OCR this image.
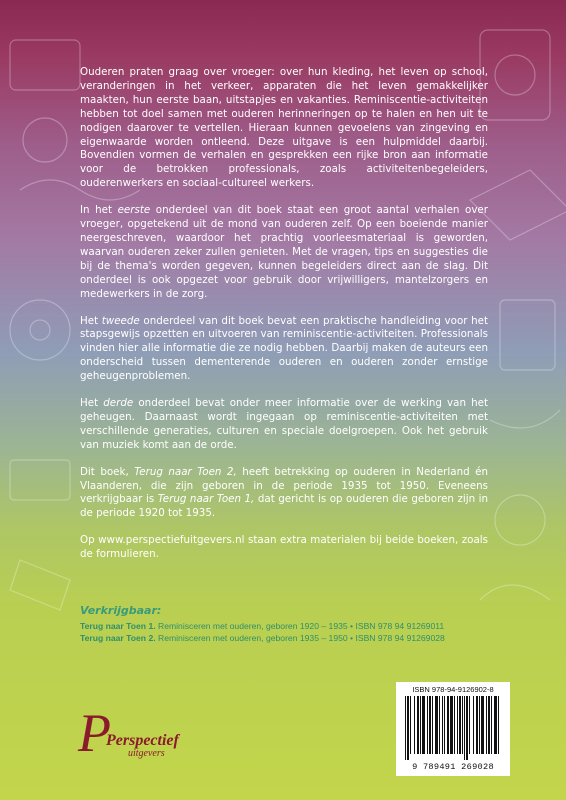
Ouderen praten graag over vroeger: over hun kleding, het leven op school, veranderingen in het verkeer, apparaten die het leven gemakkelijker maakten, hun eerste baan, uitstapjes en vakanties. Reminiscentie-activiteiten hebben tot doel samen met ouderen herinneringen op te halen en hen uit te nodigen daarover te vertellen. Hieraan kunnen gevoelens van zingeving en eigenwaarde worden ontleend. Deze uitgave is een hulpmiddel daarbij. Bovendien vormen de verhalen en gesprekken een rijke bron aan informatie voor de betrokken professionals, zoals activiteitenbegeleiders, ouderenwerkers en sociaal-cultureel werkers.

In het eerste onderdeel van dit boek staat een groot aantal verhalen over vroeger, opgetekend uit de mond van ouderen zelf. Op een boeiende manier neergeschreven, waardoor het prachtig voorleesmateriaal is geworden, waarvan ouderen zeker zullen genieten. Met de vragen, tips en suggesties die bij de thema's worden gegeven, kunnen begeleiders direct aan de slag. Dit onderdeel is ook opgezet voor gebruik door vrijwilligers, mantelzorgers en medewerkers in de zorg.

Het tweede onderdeel van dit boek bevat een praktische handleiding voor het stapsgewijs opzetten en uitvoeren van reminiscentie-activiteiten. Professionals vinden hier alle informatie die ze nodig hebben. Daarbij maken de auteurs een onderscheid tussen dementerende ouderen en ouderen zonder ernstige geheugenproblemen.

Het derde onderdeel bevat onder meer informatie over de werking van het geheugen. Daarnaast wordt ingegaan op reminiscentie-activiteiten met verschillende generaties, culturen en speciale doelgroepen. Ook het gebruik van muziek komt aan de orde.

Dit boek, Terug naar Toen 2, heeft betrekking op ouderen in Nederland én Vlaanderen, die zijn geboren in de periode 1935 tot 1950. Eveneens verkrijgbaar is Terug naar Toen 1, dat gericht is op ouderen die geboren zijn in de periode 1920 tot 1935.

Op www.perspectiefuitgevers.nl staan extra materialen bij beide boeken, zoals de formulieren.

Verkrijgbaar:
Terug naar Toen 1. Reminisceren met ouderen, geboren 1920 – 1935 • ISBN 978 94 91269011
Terug naar Toen 2. Reminisceren met ouderen, geboren 1935 – 1950 • ISBN 978 94 91269028
P
Perspectief
uitgevers
ISBN 978-94-9126902-8
9 789491 269028
